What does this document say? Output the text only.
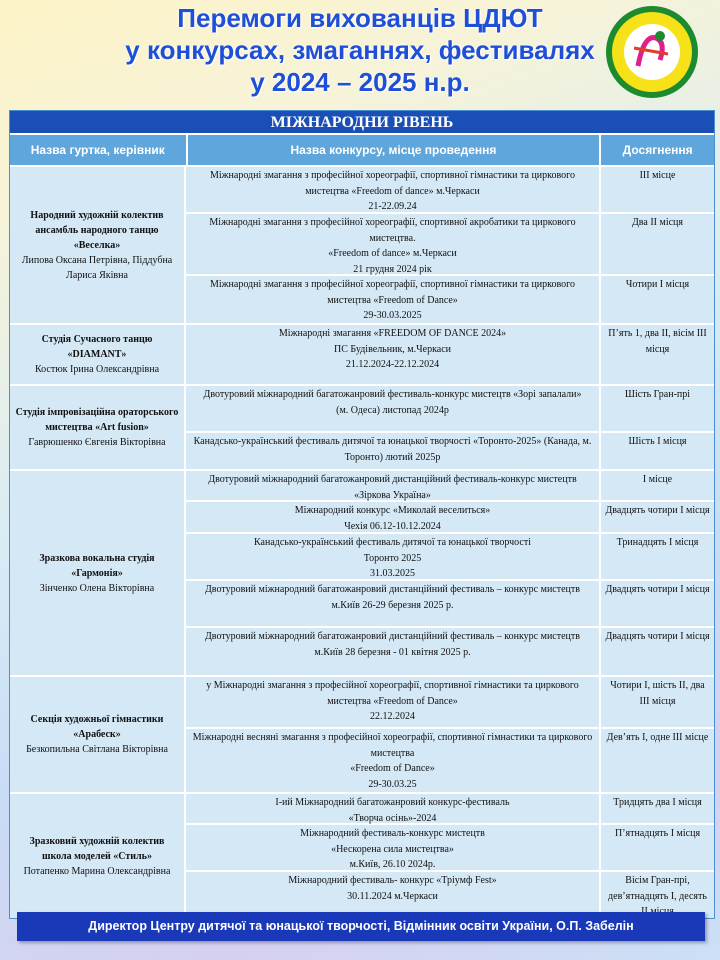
Перемоги вихованців ЦДЮТ
у конкурсах, змаганнях, фестивалях
у 2024 – 2025 н.р.
МІЖНАРОДНИ РІВЕНЬ
Назва гуртка, керівник	Назва конкурсу, місце проведення	Досягнення
Народний художній колектив ансамбль народного танцю «Веселка»
Липова Оксана Петрівна, Піддубна Лариса Яківна
Міжнародні змагання з професійної хореографії, спортивної гімнастики та циркового мистецтва «Freedom of dance» м.Черкаси
21-22.09.24
ІІІ місце
Міжнародні змагання з професійної хореографії, спортивної акробатики та циркового мистецтва.
«Freedom of dance» м.Черкаси
21 грудня 2024 рік
Два ІІ місця
Міжнародні змагання з професійної хореографії, спортивної гімнастики та циркового мистецтва «Freedom of Dance»
29-30.03.2025
Чотири І місця
Студія Сучасного танцю «DIAMANT»
Костюк Ірина Олександрівна
Міжнародні змагання «FREEDOM OF DANCE 2024»
ПС Будівельник, м.Черкаси
21.12.2024-22.12.2024
П’ять 1, два ІІ, вісім ІІІ місця
Студія імпровізаційна ораторського мистецтва «Art fusion»
Гаврюшенко Євгенія Вікторівна
Двотуровий міжнародний багатожанровий фестиваль-конкурс мистецтв «Зорі запалали»
(м. Одеса) листопад 2024р
Шість Гран-прі
Канадсько-український фестиваль дитячої та юнацької творчості «Торонто-2025» (Канада, м. Торонто) лютий 2025р
Шість І місця
Зразкова вокальна студія «Гармонія»
Зінченко Олена Вікторівна
Двотуровий міжнародний багатожанровий дистанційний фестиваль-конкурс мистецтв «Зіркова Україна»
І місце
Міжнародний конкурс «Миколай веселиться»
Чехія 06.12-10.12.2024
Двадцять чотири І місця
Канадсько-український фестиваль дитячої та юнацької творчості
Торонто 2025
31.03.2025
Тринадцять І місця
Двотуровий міжнародний багатожанровий дистанційний фестиваль – конкурс мистецтв
м.Київ 26-29 березня 2025 р.
Двадцять чотири І місця
Двотуровий міжнародний багатожанровий дистанційний фестиваль – конкурс мистецтв
м.Київ 28 березня - 01 квітня 2025 р.
Двадцять чотири І місця
Секція художньої гімнастики «Арабеск»
Безкопильна Світлана Вікторівна
у Міжнародні змагання з професійної хореографії, спортивної гімнастики та циркового мистецтва «Freedom of Dance»
22.12.2024
Чотири І, шість ІІ, два ІІІ місця
Міжнародні весняні змагання з професійної хореографії, спортивної гімнастики та циркового мистецтва
«Freedom of Dance»
29-30.03.25
Дев’ять І, одне ІІІ місце
Зразковий художній колектив школа моделей «Стиль»
Потапенко Марина Олександрівна
І-ий Міжнародний багатожанровий конкурс-фестиваль
«Творча осінь»-2024
Тридцять два І місця
Міжнародний фестиваль-конкурс мистецтв
«Нескорена сила мистецтва»
м.Київ, 26.10 2024р.
П’ятнадцять І місця
Міжнародний фестиваль- конкурс «Тріумф Fest»
30.11.2024 м.Черкаси
Вісім Гран-прі, дев’ятнадцять І, десять
Директор Центру дитячої та юнацької творчості, Відмінник освіти України, О.П. Забелін
